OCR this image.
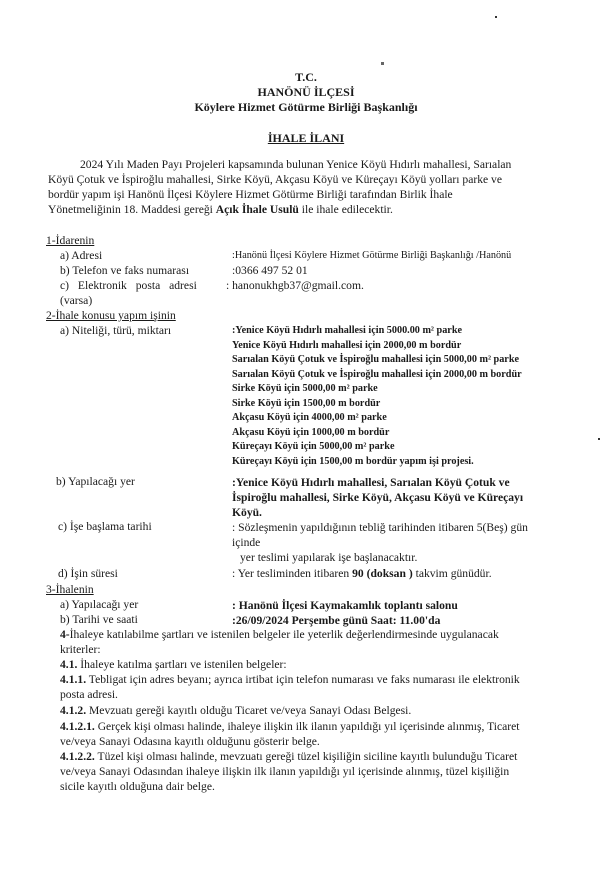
T.C.
HANÖNÜ İLÇESİ
Köylere Hizmet Götürme Birliği Başkanlığı
İHALE İLANI
2024 Yılı Maden Payı Projeleri kapsamında bulunan Yenice Köyü Hıdırlı mahallesi, Sarıalan
Köyü Çotuk ve İspiroğlu mahallesi, Sirke Köyü, Akçasu Köyü ve Küreçayı Köyü yolları parke ve
bordür yapım işi Hanönü İlçesi Köylere Hizmet Götürme Birliği tarafından Birlik İhale
Yönetmeliğinin 18. Maddesi gereği Açık İhale Usulü ile ihale edilecektir.
1-İdarenin
a) Adresi	:Hanönü İlçesi Köylere Hizmet Götürme Birliği Başkanlığı /Hanönü
b) Telefon ve faks numarası	:0366 497 52 01
c) Elektronik posta adresi
(varsa)
: hanonukhgb37@gmail.com.
2-İhale konusu yapım işinin
a) Niteliği, türü, miktarı	:Yenice Köyü Hıdırlı mahallesi için 5000.00 m² parke
Yenice Köyü Hıdırlı mahallesi için 2000,00 m bordür
Sarıalan Köyü Çotuk ve İspiroğlu mahallesi için 5000,00 m² parke
Sarıalan Köyü Çotuk ve İspiroğlu mahallesi için 2000,00 m bordür
Sirke Köyü için 5000,00 m² parke
Sirke Köyü için 1500,00 m bordür
Akçasu Köyü için 4000,00 m² parke
Akçasu Köyü için 1000,00 m bordür
Küreçayı Köyü için 5000,00 m² parke
Küreçayı Köyü için 1500,00 m bordür yapım işi projesi.
b) Yapılacağı yer	:Yenice Köyü Hıdırlı mahallesi, Sarıalan Köyü Çotuk ve
İspiroğlu mahallesi, Sirke Köyü, Akçasu Köyü ve Küreçayı
Köyü.
c) İşe başlama tarihi	: Sözleşmenin yapıldığının tebliğ tarihinden itibaren 5(Beş) gün
içinde
yer teslimi yapılarak işe başlanacaktır.
d) İşin süresi	: Yer tesliminden itibaren 90 (doksan ) takvim günüdür.
3-İhalenin
a) Yapılacağı yer	: Hanönü İlçesi Kaymakamlık toplantı salonu
b) Tarihi ve saati	:26/09/2024 Perşembe günü Saat: 11.00'da
4-İhaleye katılabilme şartları ve istenilen belgeler ile yeterlik değerlendirmesinde uygulanacak
kriterler:
4.1. İhaleye katılma şartları ve istenilen belgeler:
4.1.1. Tebligat için adres beyanı; ayrıca irtibat için telefon numarası ve faks numarası ile elektronik
posta adresi.
4.1.2. Mevzuatı gereği kayıtlı olduğu Ticaret ve/veya Sanayi Odası Belgesi.
4.1.2.1. Gerçek kişi olması halinde, ihaleye ilişkin ilk ilanın yapıldığı yıl içerisinde alınmış, Ticaret
ve/veya Sanayi Odasına kayıtlı olduğunu gösterir belge.
4.1.2.2. Tüzel kişi olması halinde, mevzuatı gereği tüzel kişiliğin siciline kayıtlı bulunduğu Ticaret
ve/veya Sanayi Odasından ihaleye ilişkin ilk ilanın yapıldığı yıl içerisinde alınmış, tüzel kişiliğin
sicile kayıtlı olduğuna dair belge.
